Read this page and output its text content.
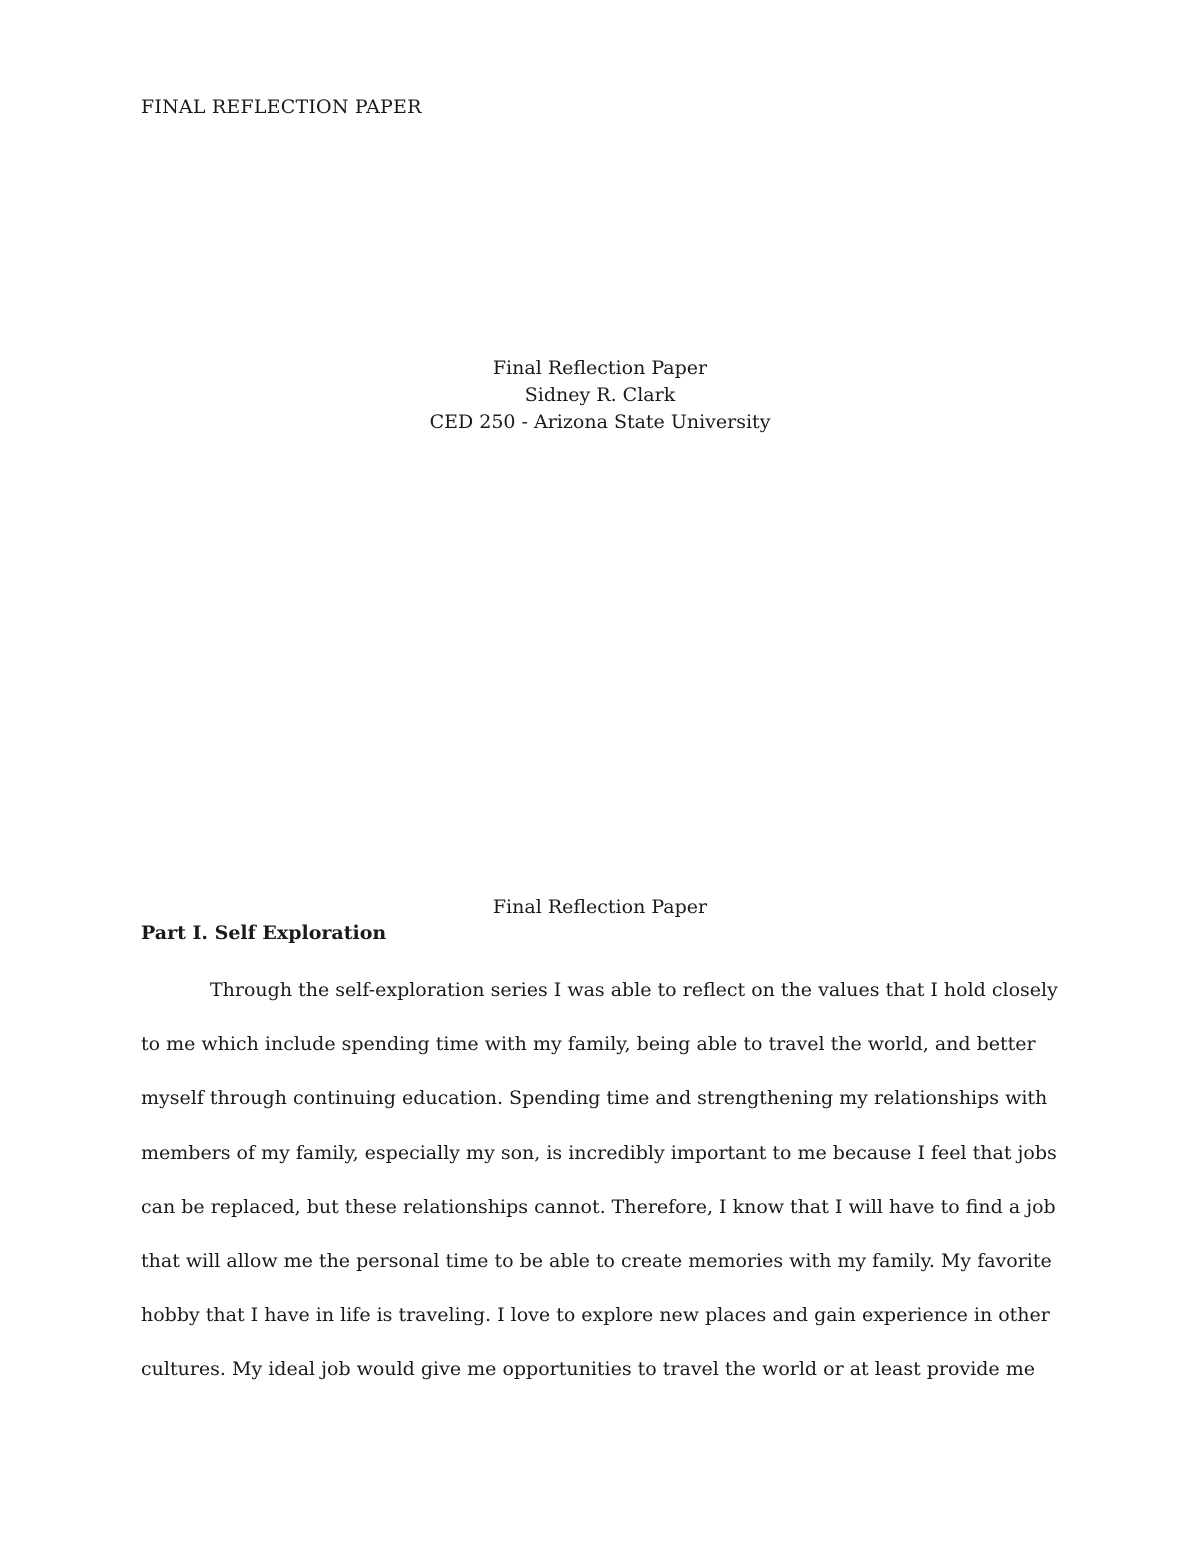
FINAL REFLECTION PAPER
Final Reflection Paper
Sidney R. Clark
CED 250 - Arizona State University
Final Reflection Paper
Part I. Self Exploration
Through the self-exploration series I was able to reflect on the values that I hold closely
to me which include spending time with my family, being able to travel the world, and better
myself through continuing education. Spending time and strengthening my relationships with
members of my family, especially my son, is incredibly important to me because I feel that jobs
can be replaced, but these relationships cannot. Therefore, I know that I will have to find a job
that will allow me the personal time to be able to create memories with my family. My favorite
hobby that I have in life is traveling. I love to explore new places and gain experience in other
cultures. My ideal job would give me opportunities to travel the world or at least provide me
